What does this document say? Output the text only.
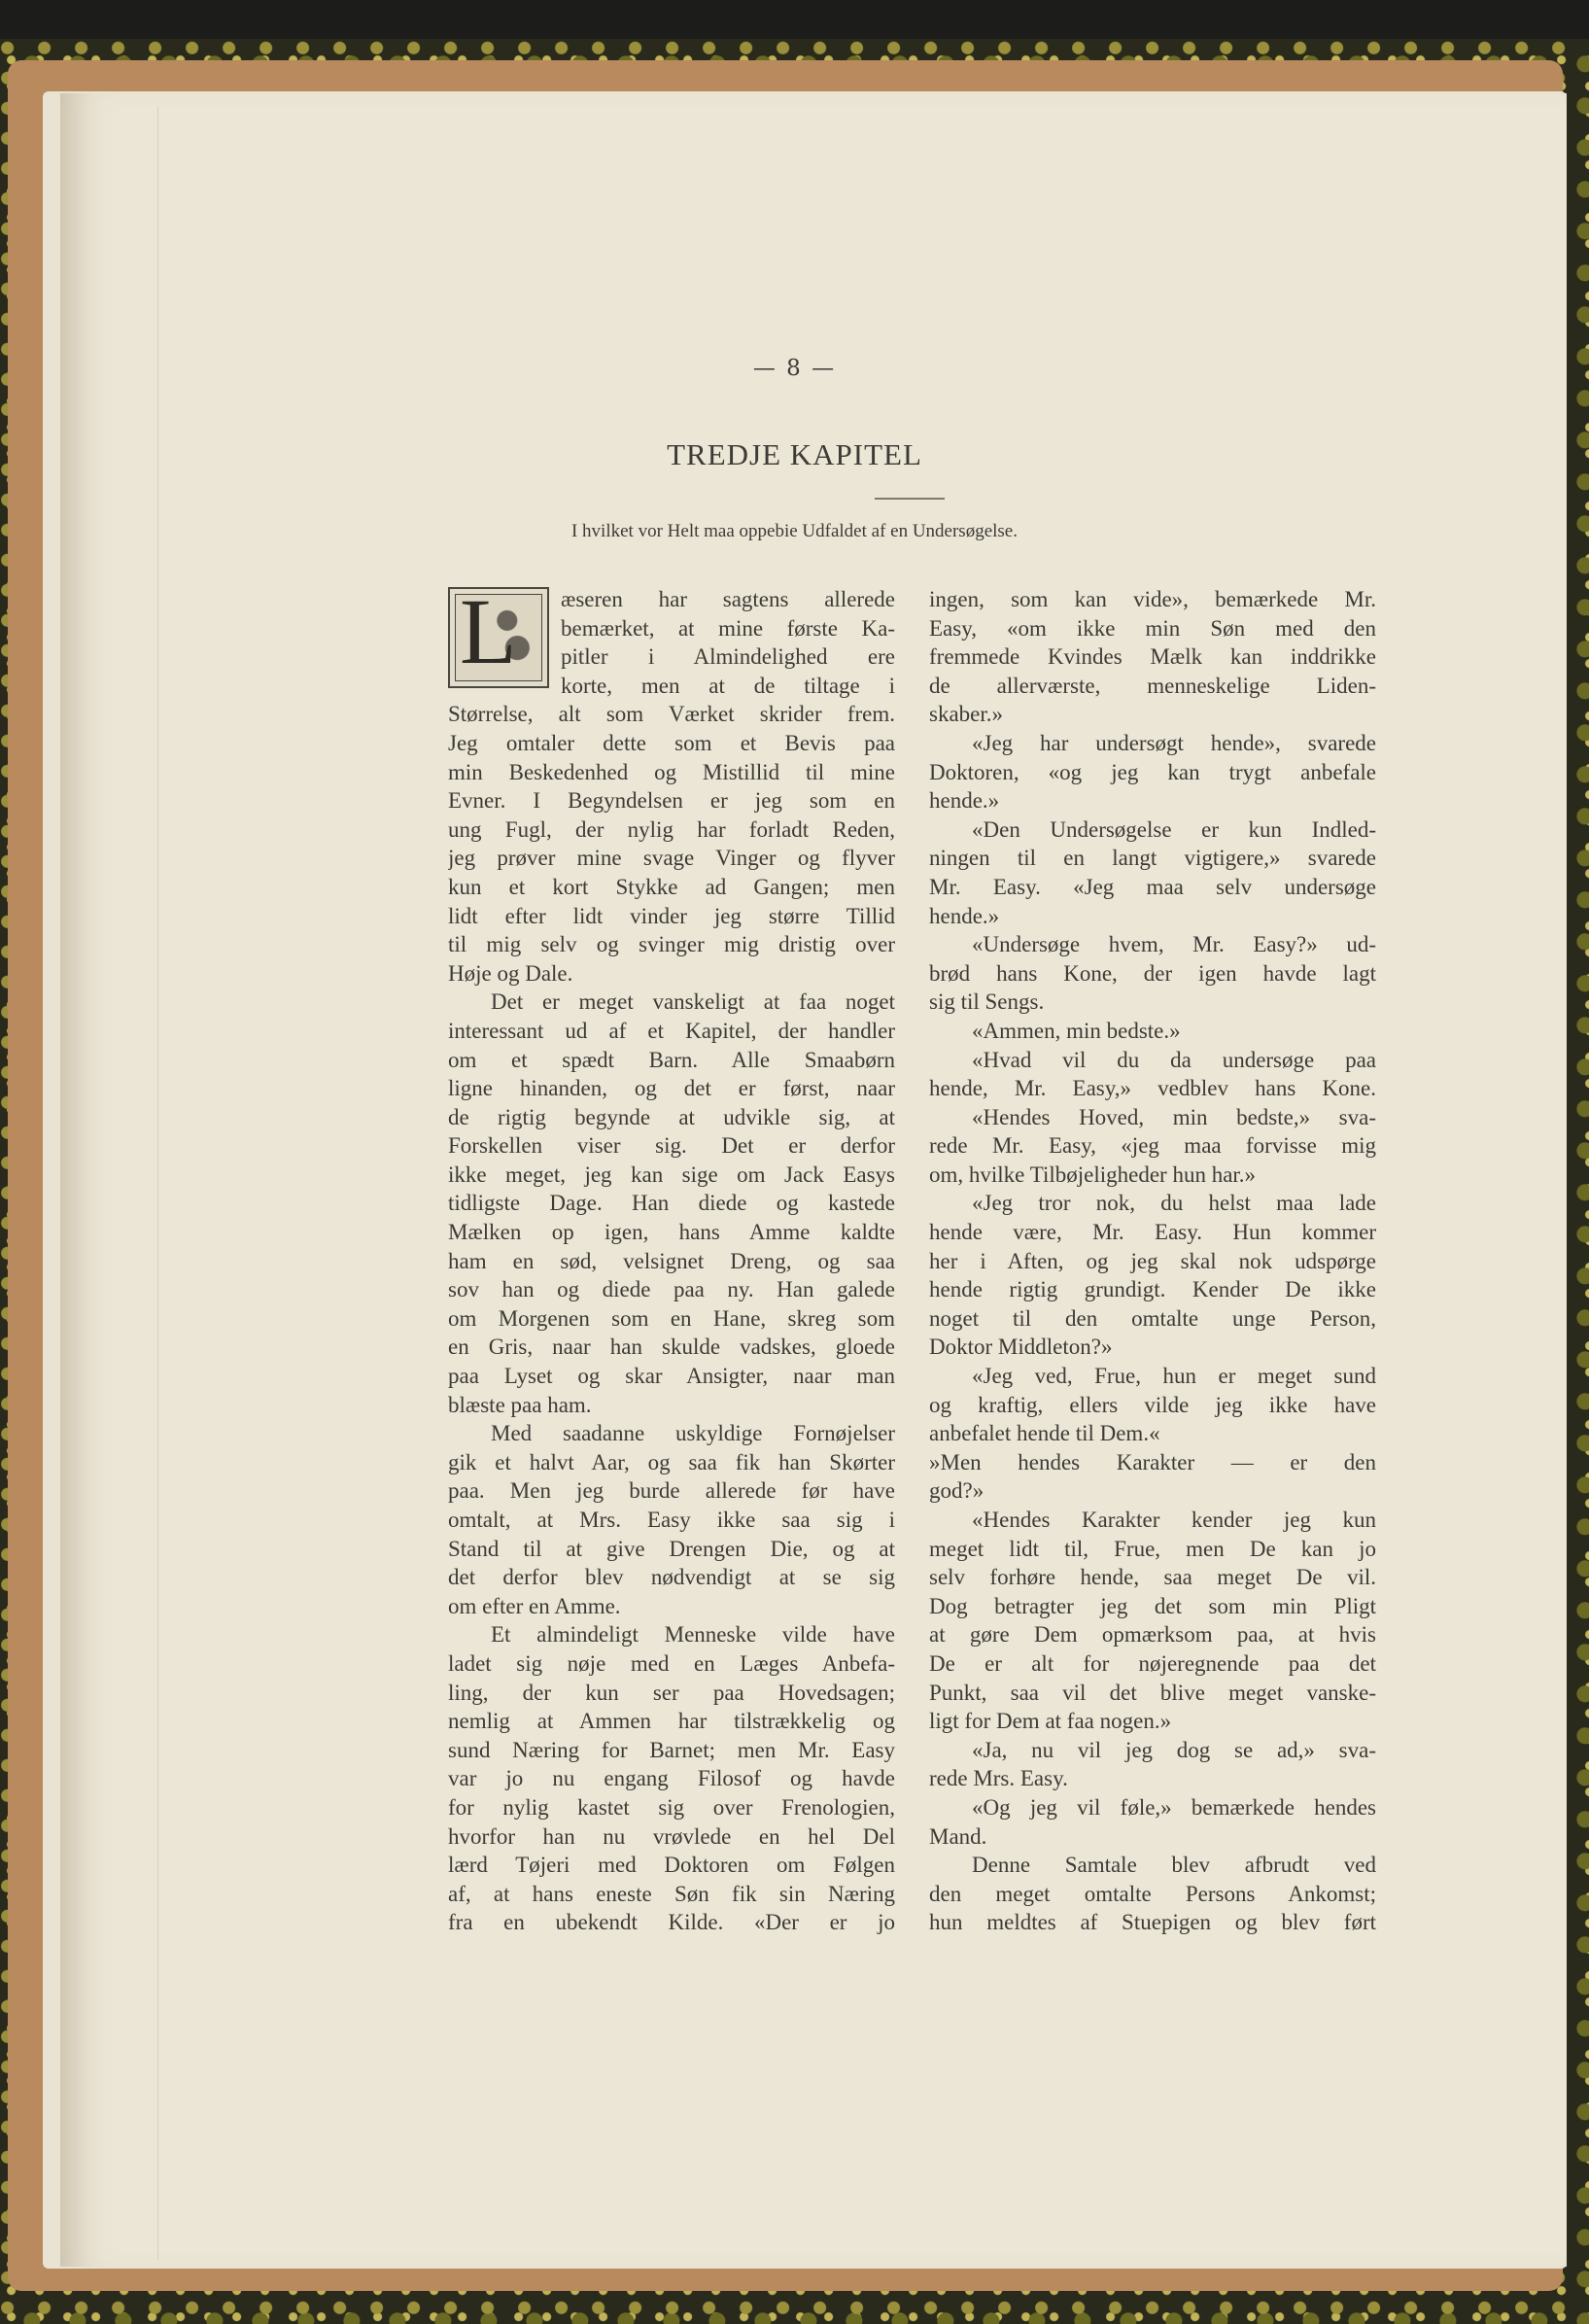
— 8 —
TREDJE KAPITEL
I hvilket vor Helt maa oppebie Udfaldet af en Undersøgelse.
L	æseren har sagtens allerede
bemærket, at mine første Ka-
pitler i Almindelighed ere
korte, men at de tiltage i
Størrelse, alt som Værket skrider frem.
Jeg omtaler dette som et Bevis paa
min Beskedenhed og Mistillid til mine
Evner. I Begyndelsen er jeg som en
ung Fugl, der nylig har forladt Reden,
jeg prøver mine svage Vinger og flyver
kun et kort Stykke ad Gangen; men
lidt efter lidt vinder jeg større Tillid
til mig selv og svinger mig dristig over
Høje og Dale.
Det er meget vanskeligt at faa noget
interessant ud af et Kapitel, der handler
om et spædt Barn. Alle Smaabørn
ligne hinanden, og det er først, naar
de rigtig begynde at udvikle sig, at
Forskellen viser sig. Det er derfor
ikke meget, jeg kan sige om Jack Easys
tidligste Dage. Han diede og kastede
Mælken op igen, hans Amme kaldte
ham en sød, velsignet Dreng, og saa
sov han og diede paa ny. Han galede
om Morgenen som en Hane, skreg som
en Gris, naar han skulde vadskes, gloede
paa Lyset og skar Ansigter, naar man
blæste paa ham.
Med saadanne uskyldige Fornøjelser
gik et halvt Aar, og saa fik han Skørter
paa. Men jeg burde allerede før have
omtalt, at Mrs. Easy ikke saa sig i
Stand til at give Drengen Die, og at
det derfor blev nødvendigt at se sig
om efter en Amme.
Et almindeligt Menneske vilde have
ladet sig nøje med en Læges Anbefa-
ling, der kun ser paa Hovedsagen;
nemlig at Ammen har tilstrækkelig og
sund Næring for Barnet; men Mr. Easy
var jo nu engang Filosof og havde
for nylig kastet sig over Frenologien,
hvorfor han nu vrøvlede en hel Del
lærd Tøjeri med Doktoren om Følgen
af, at hans eneste Søn fik sin Næring
fra en ubekendt Kilde. «Der er jo
ingen, som kan vide», bemærkede Mr.
Easy, «om ikke min Søn med den
fremmede Kvindes Mælk kan inddrikke
de allerværste, menneskelige Liden-
skaber.»
«Jeg har undersøgt hende», svarede
Doktoren, «og jeg kan trygt anbefale
hende.»
«Den Undersøgelse er kun Indled-
ningen til en langt vigtigere,» svarede
Mr. Easy. «Jeg maa selv undersøge
hende.»
«Undersøge hvem, Mr. Easy?» ud-
brød hans Kone, der igen havde lagt
sig til Sengs.
«Ammen, min bedste.»
«Hvad vil du da undersøge paa
hende, Mr. Easy,» vedblev hans Kone.
«Hendes Hoved, min bedste,» sva-
rede Mr. Easy, «jeg maa forvisse mig
om, hvilke Tilbøjeligheder hun har.»
«Jeg tror nok, du helst maa lade
hende være, Mr. Easy. Hun kommer
her i Aften, og jeg skal nok udspørge
hende rigtig grundigt. Kender De ikke
noget til den omtalte unge Person,
Doktor Middleton?»
«Jeg ved, Frue, hun er meget sund
og kraftig, ellers vilde jeg ikke have
anbefalet hende til Dem.«
»Men hendes Karakter — er den
god?»
«Hendes Karakter kender jeg kun
meget lidt til, Frue, men De kan jo
selv forhøre hende, saa meget De vil.
Dog betragter jeg det som min Pligt
at gøre Dem opmærksom paa, at hvis
De er alt for nøjeregnende paa det
Punkt, saa vil det blive meget vanske-
ligt for Dem at faa nogen.»
«Ja, nu vil jeg dog se ad,» sva-
rede Mrs. Easy.
«Og jeg vil føle,» bemærkede hendes
Mand.
Denne Samtale blev afbrudt ved
den meget omtalte Persons Ankomst;
hun meldtes af Stuepigen og blev ført
